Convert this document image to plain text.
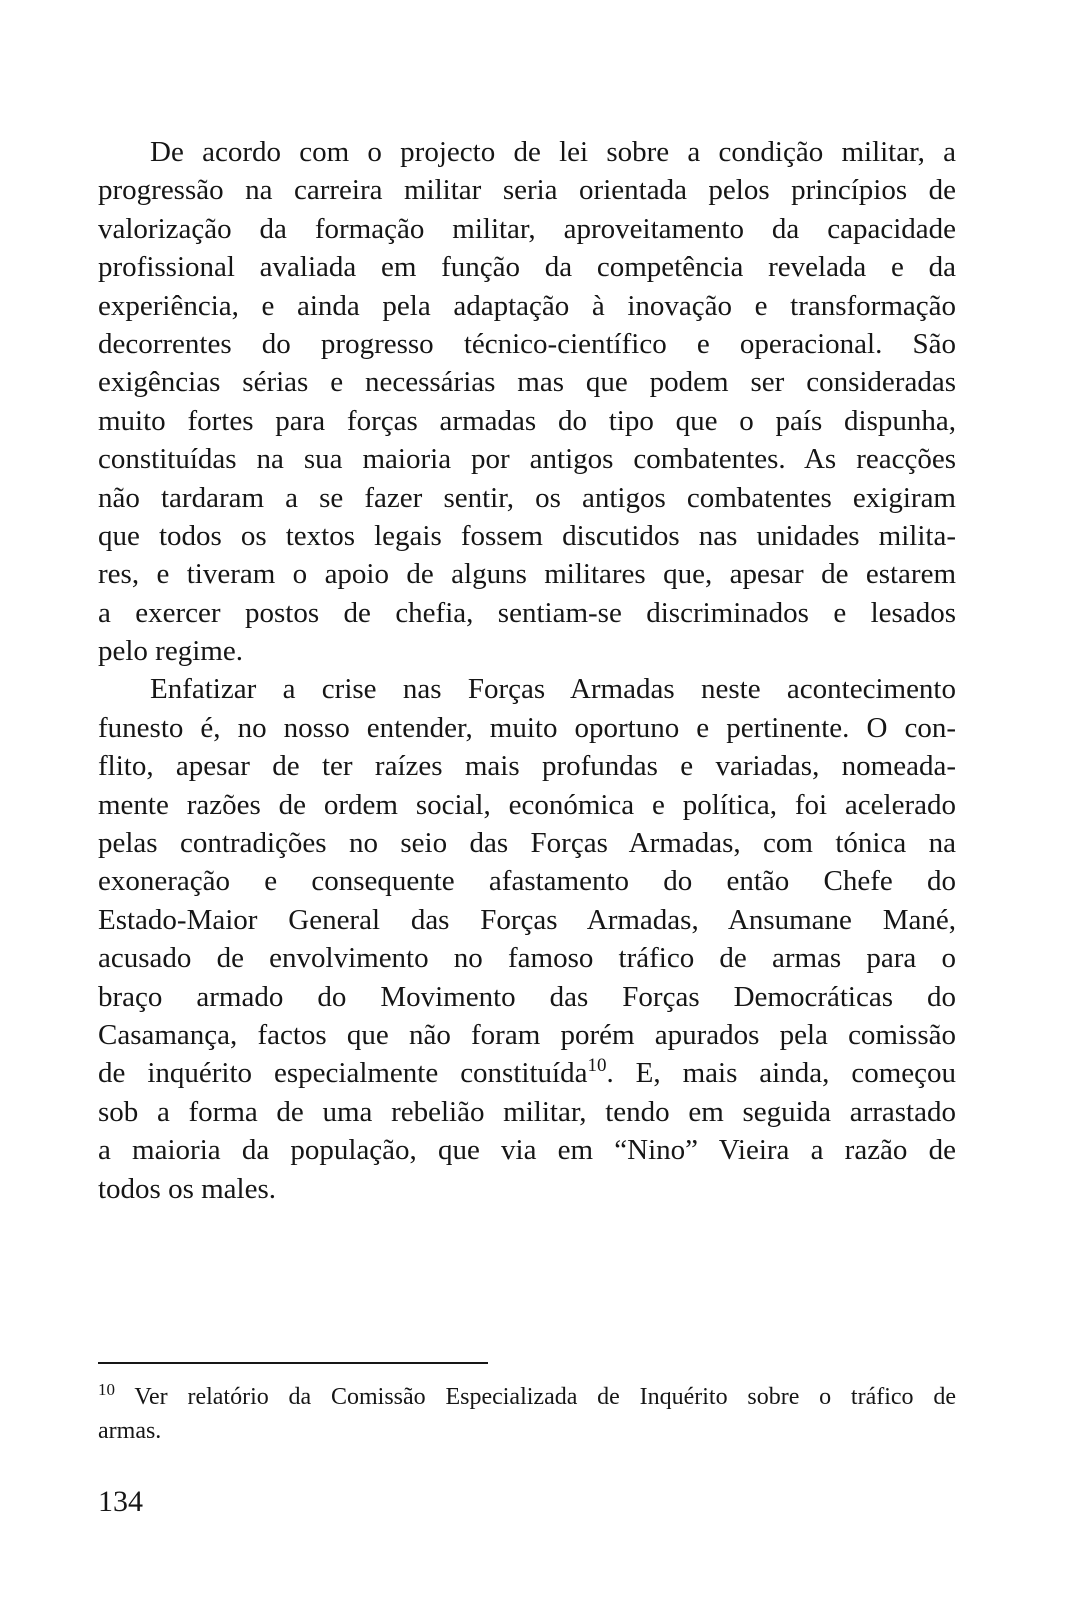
De acordo com o projecto de lei sobre a condição militar, a
progressão na carreira militar seria orientada pelos princípios de
valorização da formação militar, aproveitamento da capacidade
profissional avaliada em função da competência revelada e da
experiência, e ainda pela adaptação à inovação e transformação
decorrentes do progresso técnico-científico e operacional. São
exigências sérias e necessárias mas que podem ser consideradas
muito fortes para forças armadas do tipo que o país dispunha,
constituídas na sua maioria por antigos combatentes. As reacções
não tardaram a se fazer sentir, os antigos combatentes exigiram
que todos os textos legais fossem discutidos nas unidades milita-
res, e tiveram o apoio de alguns militares que, apesar de estarem
a exercer postos de chefia, sentiam-se discriminados e lesados
pelo regime.
Enfatizar a crise nas Forças Armadas neste acontecimento
funesto é, no nosso entender, muito oportuno e pertinente. O con-
flito, apesar de ter raízes mais profundas e variadas, nomeada-
mente razões de ordem social, económica e política, foi acelerado
pelas contradições no seio das Forças Armadas, com tónica na
exoneração e consequente afastamento do então Chefe do
Estado-Maior General das Forças Armadas, Ansumane Mané,
acusado de envolvimento no famoso tráfico de armas para o
braço armado do Movimento das Forças Democráticas do
Casamança, factos que não foram porém apurados pela comissão
de inquérito especialmente constituída$^{10}$. E, mais ainda, começou
sob a forma de uma rebelião militar, tendo em seguida arrastado
a maioria da população, que via em “Nino” Vieira a razão de
todos os males.
$^{10}$ Ver relatório da Comissão Especializada de Inquérito sobre o tráfico de
armas.
134
